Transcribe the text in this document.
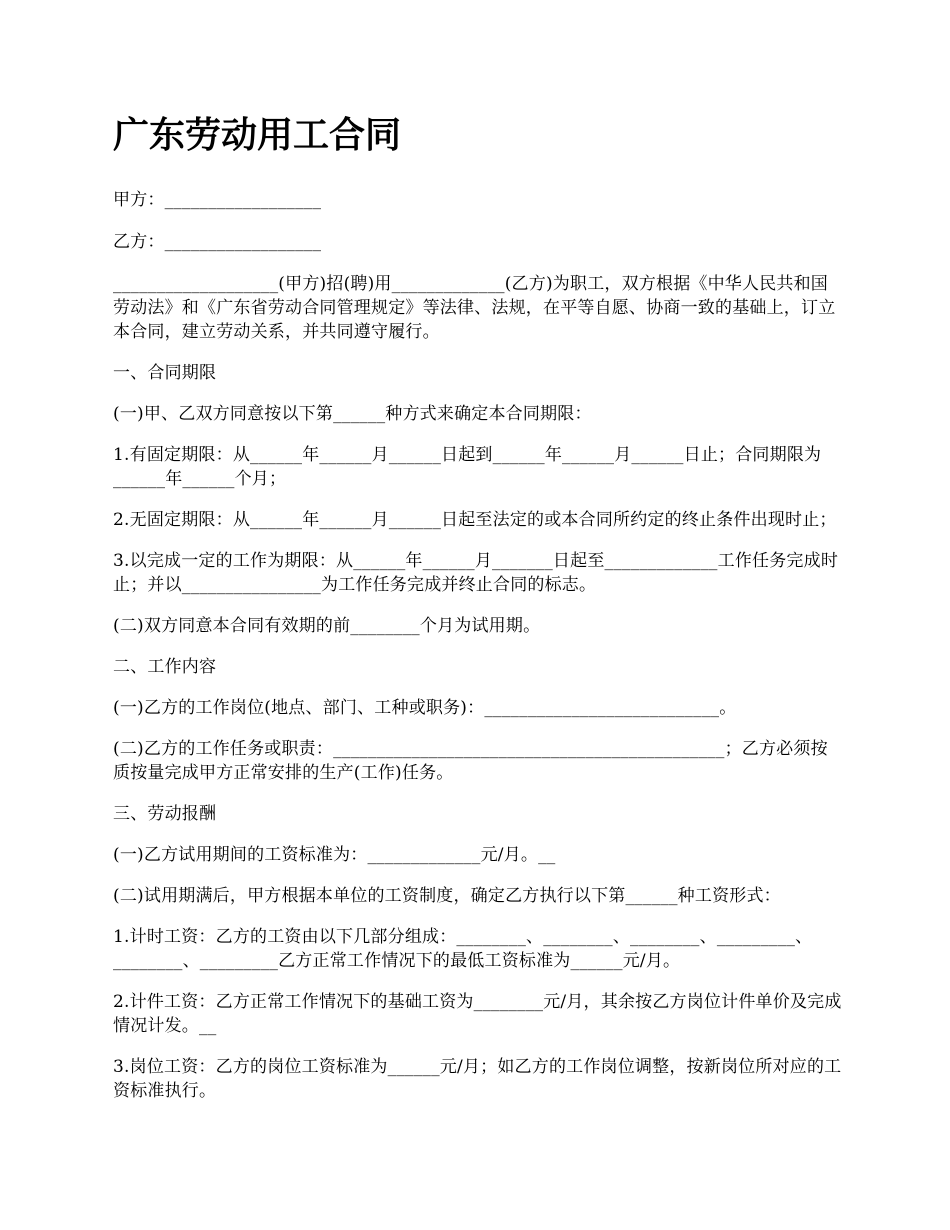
广东劳动用工合同

甲方：__________________

乙方：__________________

___________________(甲方)招(聘)用_____________(乙方)为职工，双方根据《中华人民共和国劳动法》和《广东省劳动合同管理规定》等法律、法规，在平等自愿、协商一致的基础上，订立本合同，建立劳动关系，并共同遵守履行。

一、合同期限

(一)甲、乙双方同意按以下第______种方式来确定本合同期限：

1.有固定期限：从______年______月______日起到______年______月______日止；合同期限为______年______个月；

2.无固定期限：从______年______月______日起至法定的或本合同所约定的终止条件出现时止；

3.以完成一定的工作为期限：从______年______月_______日起至_____________工作任务完成时止；并以________________为工作任务完成并终止合同的标志。

(二)双方同意本合同有效期的前________个月为试用期。

二、工作内容

(一)乙方的工作岗位(地点、部门、工种或职务)：___________________________。

(二)乙方的工作任务或职责：_____________________________________________；乙方必须按质按量完成甲方正常安排的生产(工作)任务。

三、劳动报酬

(一)乙方试用期间的工资标准为：_____________元/月。__

(二)试用期满后，甲方根据本单位的工资制度，确定乙方执行以下第______种工资形式：

1.计时工资：乙方的工资由以下几部分组成：________、________、________、_________、________、_________乙方正常工作情况下的最低工资标准为______元/月。

2.计件工资：乙方正常工作情况下的基础工资为________元/月，其余按乙方岗位计件单价及完成情况计发。__

3.岗位工资：乙方的岗位工资标准为______元/月；如乙方的工作岗位调整，按新岗位所对应的工资标准执行。
